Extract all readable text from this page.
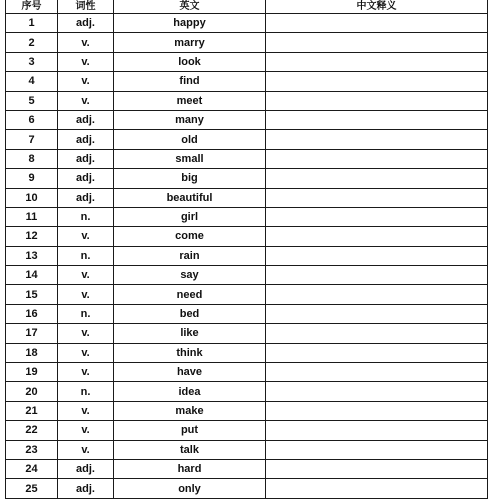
序号	词性	英文	中文释义
1	adj.	happy	
2	v.	marry	
3	v.	look	
4	v.	find	
5	v.	meet	
6	adj.	many	
7	adj.	old	
8	adj.	small	
9	adj.	big	
10	adj.	beautiful	
11	n.	girl	
12	v.	come	
13	n.	rain	
14	v.	say	
15	v.	need	
16	n.	bed	
17	v.	like	
18	v.	think	
19	v.	have	
20	n.	idea	
21	v.	make	
22	v.	put	
23	v.	talk	
24	adj.	hard	
25	adj.	only	
